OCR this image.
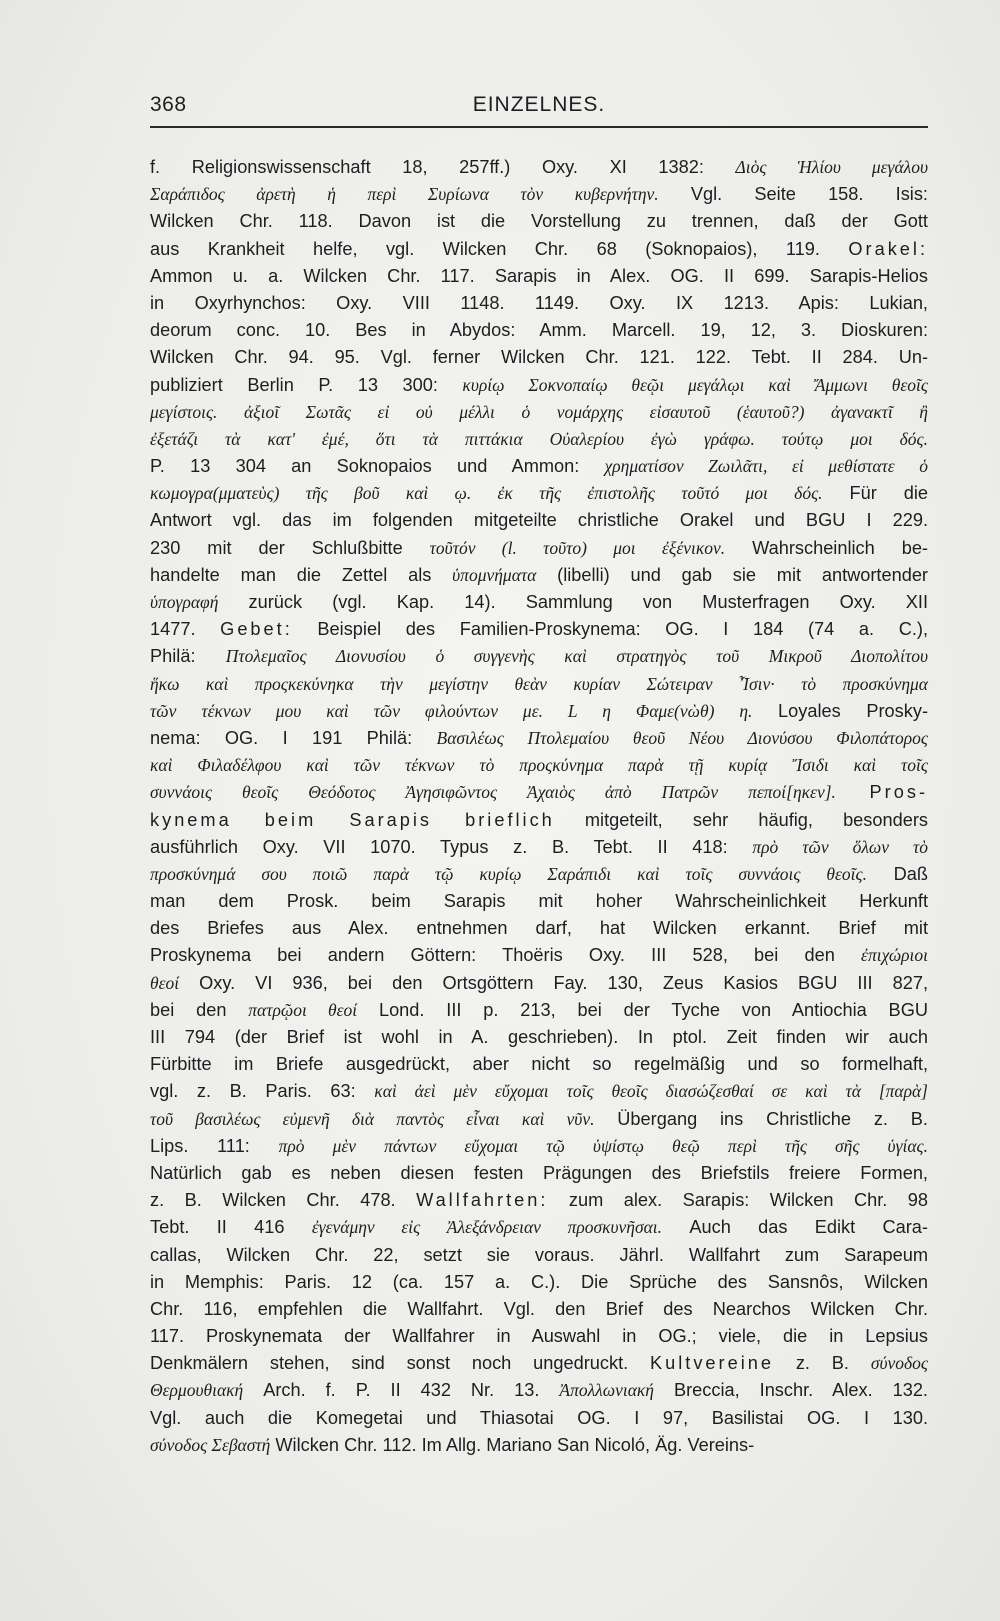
368	EINZELNES.
f. Religionswissenschaft 18, 257ff.) Oxy. XI 1382: Διὸς Ἡλίου μεγάλου
Σαράπιδος ἀρετὴ ἡ περὶ Συρίωνα τὸν κυβερνήτην. Vgl. Seite 158. Isis:
Wilcken Chr. 118. Davon ist die Vorstellung zu trennen, daß der Gott
aus Krankheit helfe, vgl. Wilcken Chr. 68 (Soknopaios), 119. Orakel:
Ammon u. a. Wilcken Chr. 117. Sarapis in Alex. OG. II 699. Sarapis-Helios
in Oxyrhynchos: Oxy. VIII 1148. 1149. Oxy. IX 1213. Apis: Lukian,
deorum conc. 10. Bes in Abydos: Amm. Marcell. 19, 12, 3. Dioskuren:
Wilcken Chr. 94. 95. Vgl. ferner Wilcken Chr. 121. 122. Tebt. II 284. Un-
publiziert Berlin P. 13 300: κυρίῳ Σοκνοπαίῳ θεῷι μεγάλῳι καὶ Ἄμμωνι θεοῖς
μεγίστοις. ἀξιοῖ Σωτᾶς εἰ οὐ μέλλι ὁ νομάρχης εἰσαυτοῦ (ἑαυτοῦ?) ἀγανακτῖ ἢ
ἐξετάζι τὰ κατ' ἐμέ, ὅτι τὰ πιττάκια Οὐαλερίου ἐγὼ γράφω. τούτῳ μοι δός.
P. 13 304 an Soknopaios und Ammon: χρηματίσον Ζωιλᾶτι, εἰ μεθίστατε ὁ
κωμογρα(μματεὺς) τῆς βοῦ καὶ ῳ. ἐκ τῆς ἐπιστολῆς τοῦτό μοι δός. Für die
Antwort vgl. das im folgenden mitgeteilte christliche Orakel und BGU I 229.
230 mit der Schlußbitte τοῦτόν (l. τοῦτο) μοι ἐξένικον. Wahrscheinlich be-
handelte man die Zettel als ὑπομνήματα (libelli) und gab sie mit antwortender
ὑπογραφή zurück (vgl. Kap. 14). Sammlung von Musterfragen Oxy. XII
1477. Gebet: Beispiel des Familien-Proskynema: OG. I 184 (74 a. C.),
Philä: Πτολεμαῖος Διονυσίου ὁ συγγενὴς καὶ στρατηγὸς τοῦ Μικροῦ Διοπολίτου
ἥκω καὶ προςκεκύνηκα τὴν μεγίστην θεὰν κυρίαν Σώτειραν Ἶσιν· τὸ προσκύνημα
τῶν τέκνων μου καὶ τῶν φιλούντων με. L η Φαμε(νὼθ) η. Loyales Prosky-
nema: OG. I 191 Philä: Βασιλέως Πτολεμαίου θεοῦ Νέου Διονύσου Φιλοπάτορος
καὶ Φιλαδέλφου καὶ τῶν τέκνων τὸ προςκύνημα παρὰ τῇ κυρίᾳ Ἴσιδι καὶ τοῖς
συννάοις θεοῖς Θεόδοτος Ἀγησιφῶντος Ἀχαιὸς ἀπὸ Πατρῶν πεποί[ηκεν]. Pros-
kynema beim Sarapis brieflich mitgeteilt, sehr häufig, besonders
ausführlich Oxy. VII 1070. Typus z. B. Tebt. II 418: πρὸ τῶν ὅλων τὸ
προσκύνημά σου ποιῶ παρὰ τῷ κυρίῳ Σαράπιδι καὶ τοῖς συννάοις θεοῖς. Daß
man dem Prosk. beim Sarapis mit hoher Wahrscheinlichkeit Herkunft
des Briefes aus Alex. entnehmen darf, hat Wilcken erkannt. Brief mit
Proskynema bei andern Göttern: Thoëris Oxy. III 528, bei den ἐπιχώριοι
θεοί Oxy. VI 936, bei den Ortsgöttern Fay. 130, Zeus Kasios BGU III 827,
bei den πατρῷοι θεοί Lond. III p. 213, bei der Tyche von Antiochia BGU
III 794 (der Brief ist wohl in A. geschrieben). In ptol. Zeit finden wir auch
Fürbitte im Briefe ausgedrückt, aber nicht so regelmäßig und so formelhaft,
vgl. z. B. Paris. 63: καὶ ἀεὶ μὲν εὔχομαι τοῖς θεοῖς διασώζεσθαί σε καὶ τὰ [παρὰ]
τοῦ βασιλέως εὐμενῆ διὰ παντὸς εἶναι καὶ νῦν. Übergang ins Christliche z. B.
Lips. 111: πρὸ μὲν πάντων εὔχομαι τῷ ὑψίστῳ θεῷ περὶ τῆς σῆς ὑγίας.
Natürlich gab es neben diesen festen Prägungen des Briefstils freiere Formen,
z. B. Wilcken Chr. 478. Wallfahrten: zum alex. Sarapis: Wilcken Chr. 98
Tebt. II 416 ἐγενάμην εἰς Ἀλεξάνδρειαν προσκυνῆσαι. Auch das Edikt Cara-
callas, Wilcken Chr. 22, setzt sie voraus. Jährl. Wallfahrt zum Sarapeum
in Memphis: Paris. 12 (ca. 157 a. C.). Die Sprüche des Sansnôs, Wilcken
Chr. 116, empfehlen die Wallfahrt. Vgl. den Brief des Nearchos Wilcken Chr.
117. Proskynemata der Wallfahrer in Auswahl in OG.; viele, die in Lepsius
Denkmälern stehen, sind sonst noch ungedruckt. Kultvereine z. B. σύνοδος
Θερμουθιακή Arch. f. P. II 432 Nr. 13. Ἀπολλωνιακή Breccia, Inschr. Alex. 132.
Vgl. auch die Komegetai und Thiasotai OG. I 97, Basilistai OG. I 130.
σύνοδος Σεβαστή Wilcken Chr. 112. Im Allg. Mariano San Nicoló, Äg. Vereins-
